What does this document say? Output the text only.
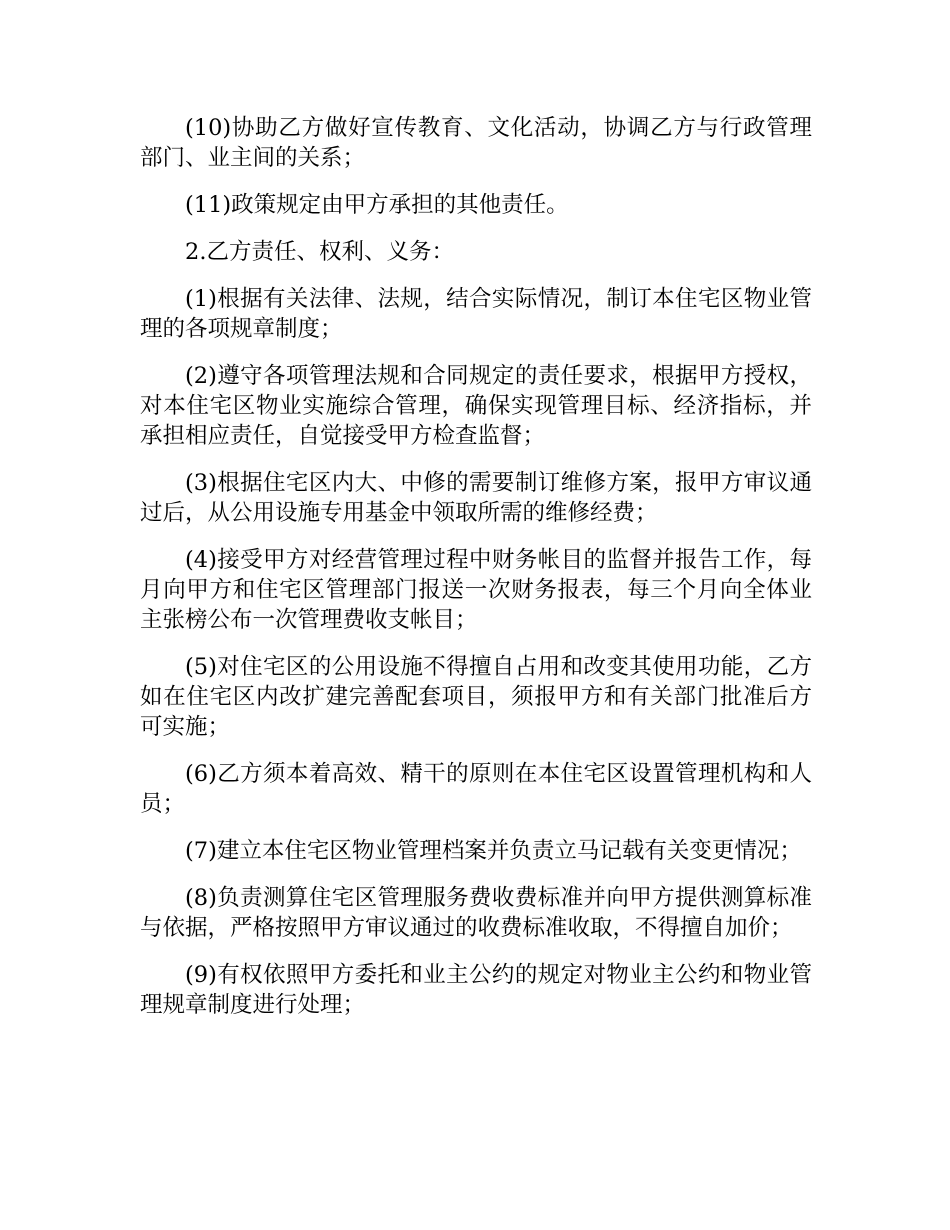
(10)协助乙方做好宣传教育、文化活动，协调乙方与行政管理部门、业主间的关系；

(11)政策规定由甲方承担的其他责任。

2.乙方责任、权利、义务：

(1)根据有关法律、法规，结合实际情况，制订本住宅区物业管理的各项规章制度；

(2)遵守各项管理法规和合同规定的责任要求，根据甲方授权，对本住宅区物业实施综合管理，确保实现管理目标、经济指标，并承担相应责任，自觉接受甲方检查监督；

(3)根据住宅区内大、中修的需要制订维修方案，报甲方审议通过后，从公用设施专用基金中领取所需的维修经费；

(4)接受甲方对经营管理过程中财务帐目的监督并报告工作，每月向甲方和住宅区管理部门报送一次财务报表，每三个月向全体业主张榜公布一次管理费收支帐目；

(5)对住宅区的公用设施不得擅自占用和改变其使用功能，乙方如在住宅区内改扩建完善配套项目，须报甲方和有关部门批准后方可实施；

(6)乙方须本着高效、精干的原则在本住宅区设置管理机构和人员；

(7)建立本住宅区物业管理档案并负责立马记载有关变更情况；

(8)负责测算住宅区管理服务费收费标准并向甲方提供测算标准与依据，严格按照甲方审议通过的收费标准收取，不得擅自加价；

(9)有权依照甲方委托和业主公约的规定对物业主公约和物业管理规章制度进行处理；
